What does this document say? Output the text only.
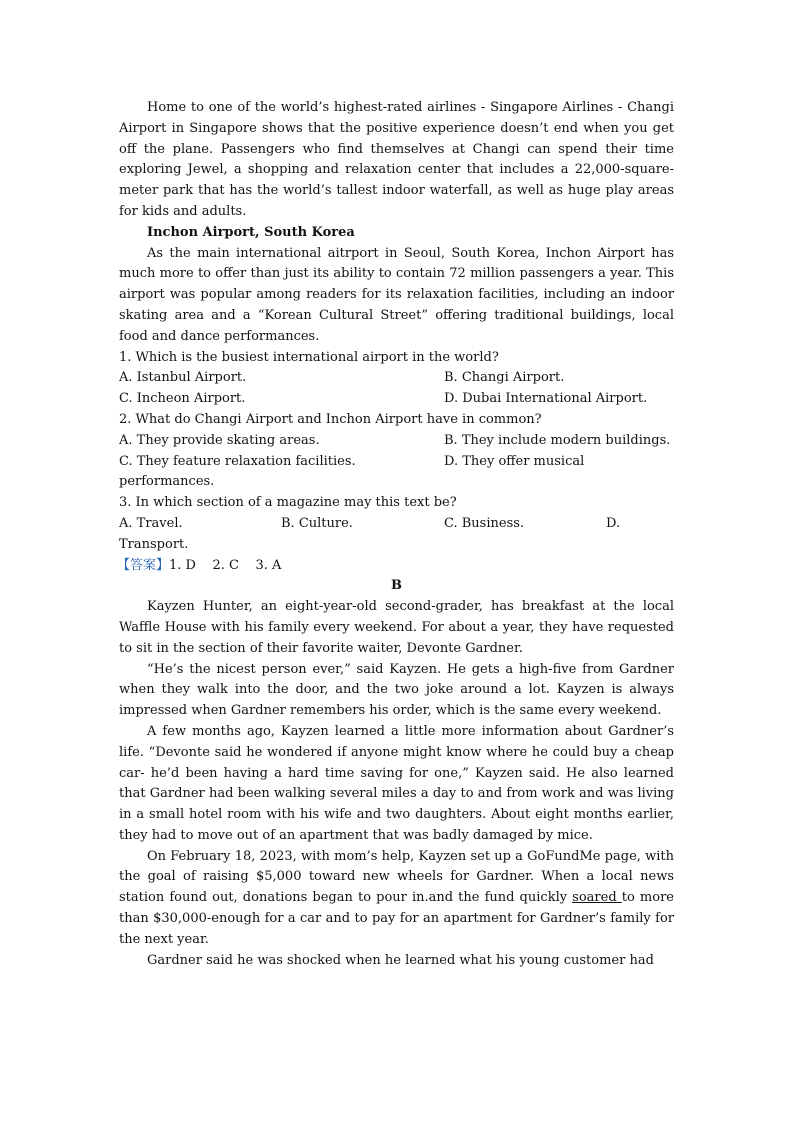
Home to one of the world’s highest-rated airlines - Singapore Airlines - Changi Airport in Singapore shows that the positive experience doesn’t end when you get off the plane. Passengers who find themselves at Changi can spend their time exploring Jewel, a shopping and relaxation center that includes a 22,000-square-meter park that has the world’s tallest indoor waterfall, as well as huge play areas for kids and adults.

Inchon Airport, South Korea

As the main international aitrport in Seoul, South Korea, Inchon Airport has much more to offer than just its ability to contain 72 million passengers a year. This airport was popular among readers for its relaxation facilities, including an indoor skating area and a “Korean Cultural Street” offering traditional buildings, local food and dance performances.

1. Which is the busiest international airport in the world?

A. Istanbul Airport.	B. Changi Airport.
C. Incheon Airport.	D. Dubai International Airport.

2. What do Changi Airport and Inchon Airport have in common?

A. They provide skating areas.	B. They include modern buildings.
C. They feature relaxation facilities.	D. They offer musical

performances.

3. In which section of a magazine may this text be?

A. Travel.	B. Culture.	C. Business.	D.

Transport.

【答案】1. D    2. C    3. A

B

Kayzen Hunter, an eight-year-old second-grader, has breakfast at the local Waffle House with his family every weekend. For about a year, they have requested to sit in the section of their favorite waiter, Devonte Gardner.

“He’s the nicest person ever,” said Kayzen. He gets a high-five from Gardner when they walk into the door, and the two joke around a lot. Kayzen is always impressed when Gardner remembers his order, which is the same every weekend.

A few months ago, Kayzen learned a little more information about Gardner’s life. “Devonte said he wondered if anyone might know where he could buy a cheap car- he’d been having a hard time saving for one,” Kayzen said. He also learned that Gardner had been walking several miles a day to and from work and was living in a small hotel room with his wife and two daughters. About eight months earlier, they had to move out of an apartment that was badly damaged by mice.

On February 18, 2023, with mom’s help, Kayzen set up a GoFundMe page, with the goal of raising $5,000 toward new wheels for Gardner. When a local news station found out, donations began to pour in.and the fund quickly soared to more than $30,000-enough for a car and to pay for an apartment for Gardner’s family for the next year.

Gardner said he was shocked when he learned what his young customer had
